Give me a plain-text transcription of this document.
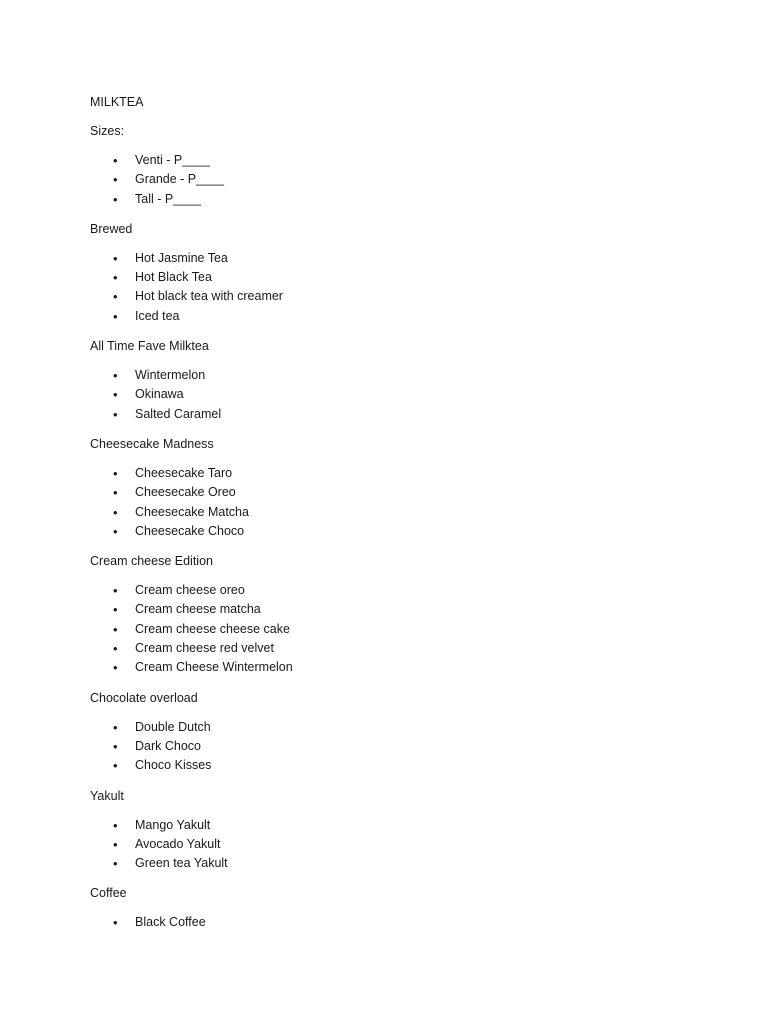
MILKTEA
Sizes:
• Venti - P____
• Grande - P____
• Tall - P____
Brewed
• Hot Jasmine Tea
• Hot Black Tea
• Hot black tea with creamer
• Iced tea
All Time Fave Milktea
• Wintermelon
• Okinawa
• Salted Caramel
Cheesecake Madness
• Cheesecake Taro
• Cheesecake Oreo
• Cheesecake Matcha
• Cheesecake Choco
Cream cheese Edition
• Cream cheese oreo
• Cream cheese matcha
• Cream cheese cheese cake
• Cream cheese red velvet
• Cream Cheese Wintermelon
Chocolate overload
• Double Dutch
• Dark Choco
• Choco Kisses
Yakult
• Mango Yakult
• Avocado Yakult
• Green tea Yakult
Coffee
• Black Coffee
